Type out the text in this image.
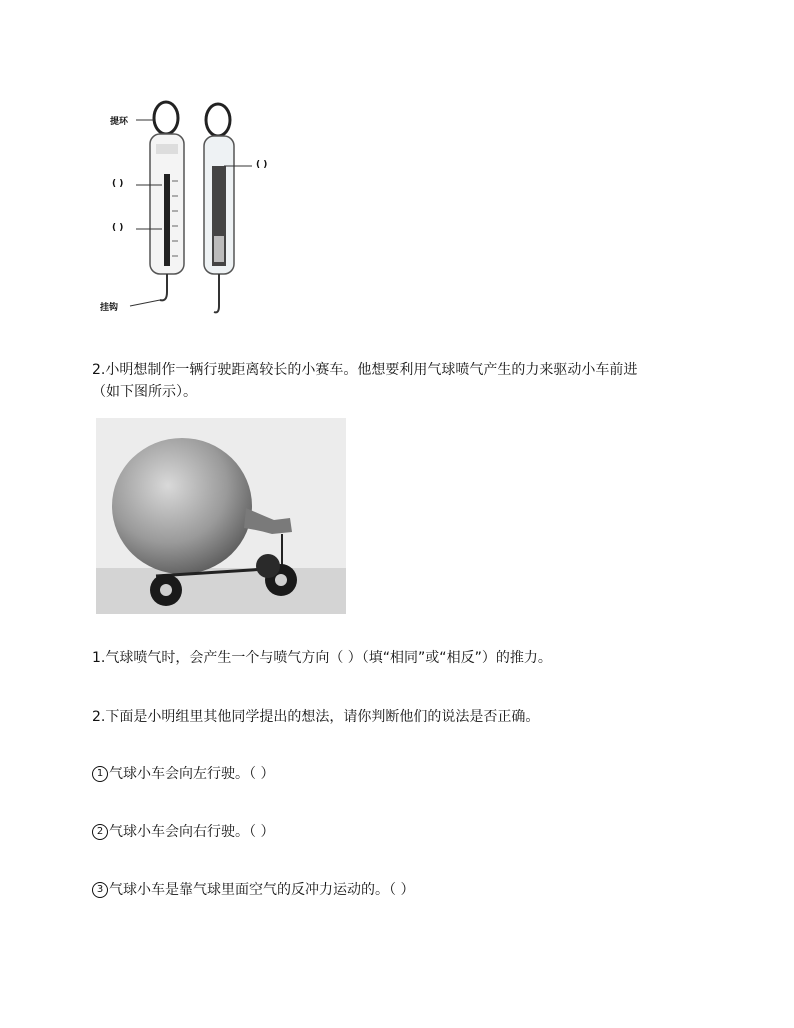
提环
( )
( )
( )
挂钩
2.小明想制作一辆行驶距离较长的小赛车。他想要利用气球喷气产生的力来驱动小车前进
（如下图所示）。
1.气球喷气时，会产生一个与喷气方向（ ）（填“相同”或“相反”）的推力。
2.下面是小明组里其他同学提出的想法，请你判断他们的说法是否正确。
1 气球小车会向左行驶。（ ）
2 气球小车会向右行驶。（ ）
3 气球小车是靠气球里面空气的反冲力运动的。（ ）
